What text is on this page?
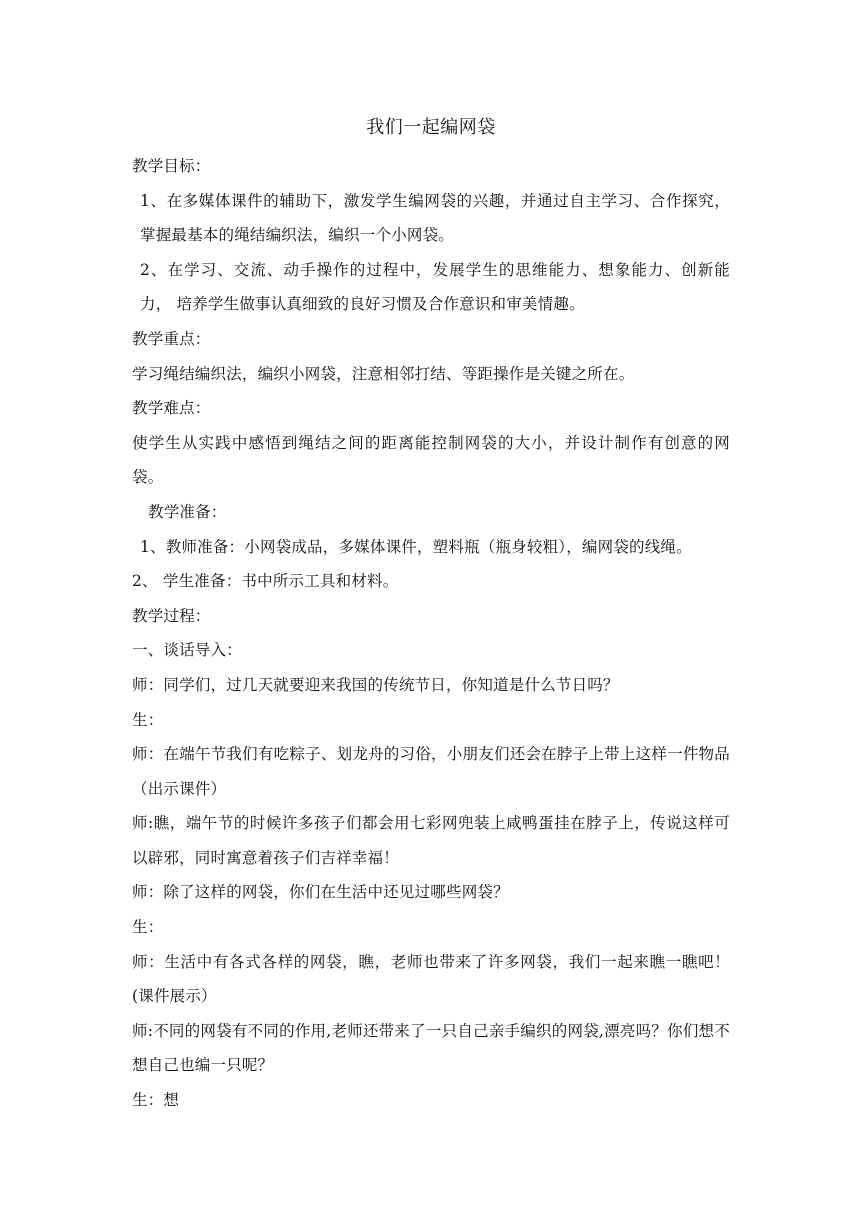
我们一起编网袋

教学目标：

1、在多媒体课件的辅助下，激发学生编网袋的兴趣，并通过自主学习、合作探究， 掌握最基本的绳结编织法，编织一个小网袋。

2、在学习、交流、动手操作的过程中，发展学生的思维能力、想象能力、创新能力， 培养学生做事认真细致的良好习惯及合作意识和审美情趣。

教学重点：

学习绳结编织法，编织小网袋，注意相邻打结、等距操作是关键之所在。

教学难点：

使学生从实践中感悟到绳结之间的距离能控制网袋的大小，并设计制作有创意的网 袋。

教学准备：

1、教师准备：小网袋成品，多媒体课件，塑料瓶（瓶身较粗），编网袋的线绳。

2、 学生准备：书中所示工具和材料。

教学过程：

一、谈话导入：

师：同学们，过几天就要迎来我国的传统节日，你知道是什么节日吗？

生：

师：在端午节我们有吃粽子、划龙舟的习俗，小朋友们还会在脖子上带上这样一件物品（出示课件）

师:瞧，端午节的时候许多孩子们都会用七彩网兜装上咸鸭蛋挂在脖子上，传说这样可以辟邪，同时寓意着孩子们吉祥幸福！

师：除了这样的网袋，你们在生活中还见过哪些网袋？

生：

师：生活中有各式各样的网袋，瞧，老师也带来了许多网袋，我们一起来瞧一瞧吧！(课件展示）

师:不同的网袋有不同的作用,老师还带来了一只自己亲手编织的网袋,漂亮吗？你们想不想自己也编一只呢？

生：想
